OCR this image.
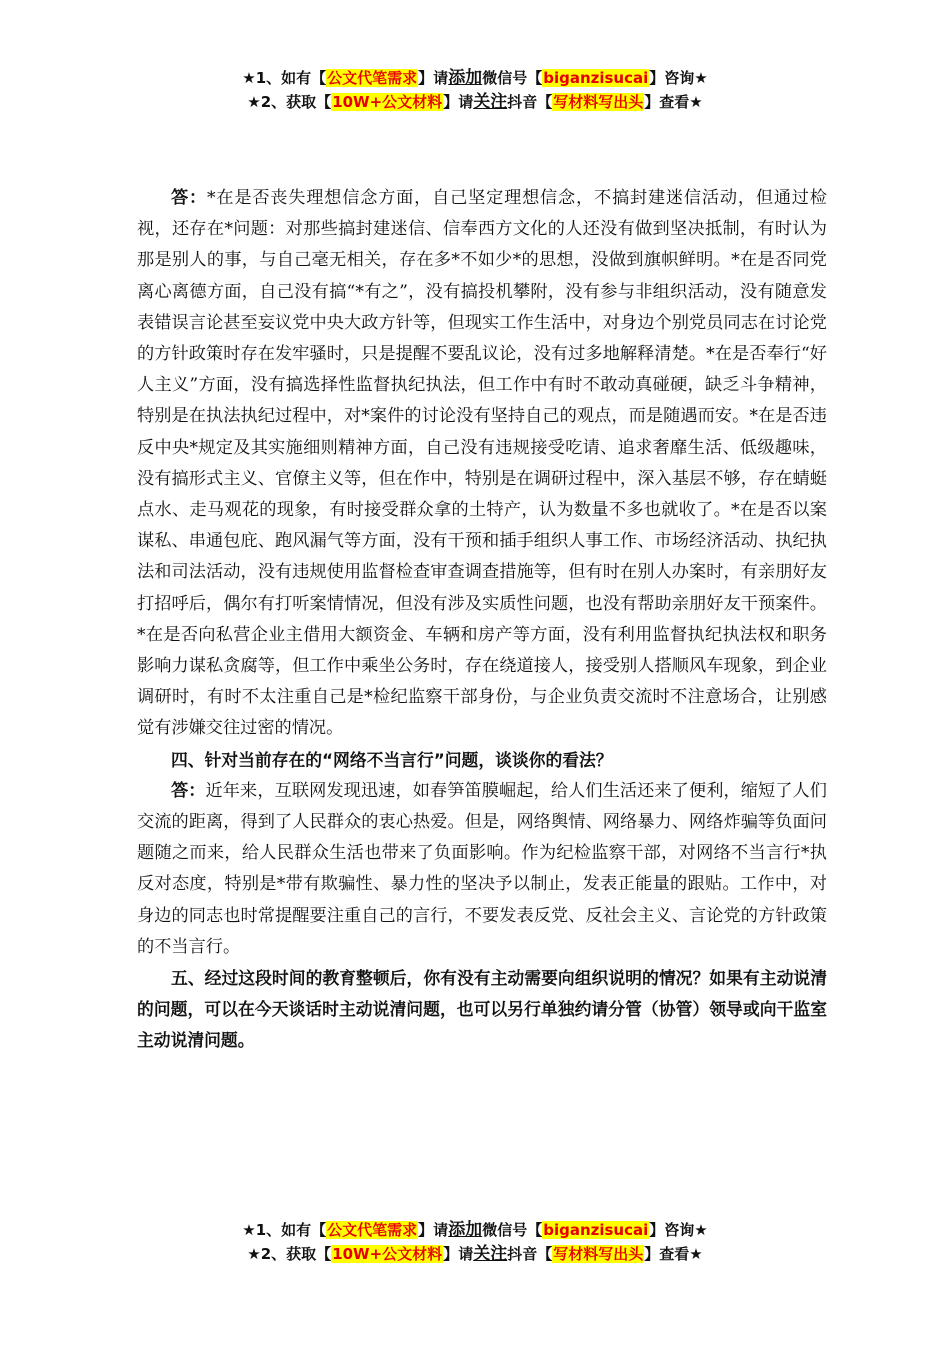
★1、如有【公文代笔需求】请添加微信号【biganzisucai】咨询★
★2、获取【10W+公文材料】请关注抖音【写材料写出头】查看★

答：*在是否丧失理想信念方面，自己坚定理想信念，不搞封建迷信活动，但通过检视，还存在*问题：对那些搞封建迷信、信奉西方文化的人还没有做到坚决抵制，有时认为那是别人的事，与自己毫无相关，存在多*不如少*的思想，没做到旗帜鲜明。*在是否同党离心离德方面，自己没有搞“*有之”，没有搞投机攀附，没有参与非组织活动，没有随意发表错误言论甚至妄议党中央大政方针等，但现实工作生活中，对身边个别党员同志在讨论党的方针政策时存在发牢骚时，只是提醒不要乱议论，没有过多地解释清楚。*在是否奉行“好人主义”方面，没有搞选择性监督执纪执法，但工作中有时不敢动真碰硬，缺乏斗争精神，特别是在执法执纪过程中，对*案件的讨论没有坚持自己的观点，而是随遇而安。*在是否违反中央*规定及其实施细则精神方面，自己没有违规接受吃请、追求奢靡生活、低级趣味，没有搞形式主义、官僚主义等，但在作中，特别是在调研过程中，深入基层不够，存在蜻蜓点水、走马观花的现象，有时接受群众拿的土特产，认为数量不多也就收了。*在是否以案谋私、串通包庇、跑风漏气等方面，没有干预和插手组织人事工作、市场经济活动、执纪执法和司法活动，没有违规使用监督检查审查调查措施等，但有时在别人办案时，有亲朋好友打招呼后，偶尔有打听案情情况，但没有涉及实质性问题，也没有帮助亲朋好友干预案件。*在是否向私营企业主借用大额资金、车辆和房产等方面，没有利用监督执纪执法权和职务影响力谋私贪腐等，但工作中乘坐公务时，存在绕道接人，接受别人搭顺风车现象，到企业调研时，有时不太注重自己是*检纪监察干部身份，与企业负责交流时不注意场合，让别感觉有涉嫌交往过密的情况。

四、针对当前存在的“网络不当言行”问题，谈谈你的看法？

答：近年来，互联网发现迅速，如春笋笛膜崛起，给人们生活还来了便利，缩短了人们交流的距离，得到了人民群众的衷心热爱。但是，网络舆情、网络暴力、网络炸骗等负面问题随之而来，给人民群众生活也带来了负面影响。作为纪检监察干部，对网络不当言行*执反对态度，特别是*带有欺骗性、暴力性的坚决予以制止，发表正能量的跟贴。工作中，对身边的同志也时常提醒要注重自己的言行，不要发表反党、反社会主义、言论党的方针政策的不当言行。

五、经过这段时间的教育整顿后，你有没有主动需要向组织说明的情况？如果有主动说清的问题，可以在今天谈话时主动说清问题，也可以另行单独约请分管（协管）领导或向干监室主动说清问题。

★1、如有【公文代笔需求】请添加微信号【biganzisucai】咨询★
★2、获取【10W+公文材料】请关注抖音【写材料写出头】查看★
